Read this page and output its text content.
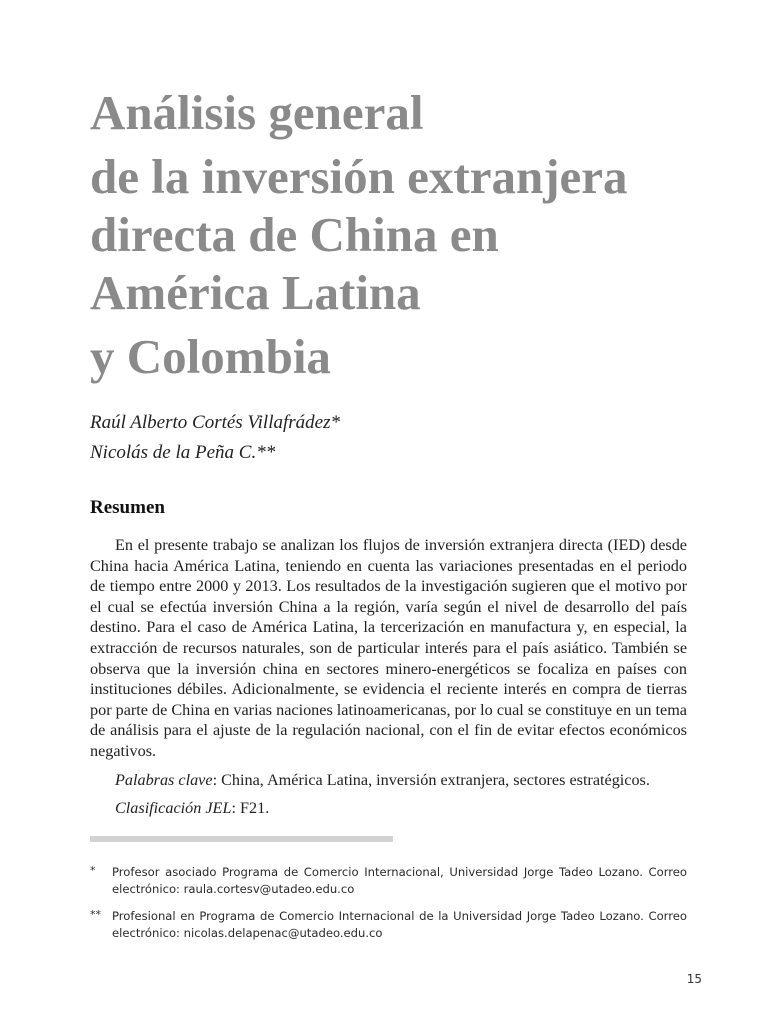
Análisis general
de la inversión extranjera
directa de China en
América Latina
y Colombia
Raúl Alberto Cortés Villafrádez*
Nicolás de la Peña C.**
Resumen

En el presente trabajo se analizan los flujos de inversión extranjera directa (IED) desde China hacia América Latina, teniendo en cuenta las variaciones presentadas en el periodo de tiempo entre 2000 y 2013. Los resultados de la investigación sugieren que el motivo por el cual se efectúa inversión China a la región, varía según el nivel de desarrollo del país destino. Para el caso de América Latina, la tercerización en manufactura y, en especial, la extracción de recursos naturales, son de particular interés para el país asiático. También se observa que la inversión china en sectores minero-energéticos se focaliza en países con instituciones débiles. Adicionalmente, se evidencia el reciente interés en compra de tierras por parte de China en varias naciones latinoamericanas, por lo cual se constituye en un tema de análisis para el ajuste de la regulación nacional, con el fin de evitar efectos económicos negativos.

Palabras clave: China, América Latina, inversión extranjera, sectores estratégicos.

Clasificación JEL: F21.

* Profesor asociado Programa de Comercio Internacional, Universidad Jorge Tadeo Lozano. Correo electrónico: raula.cortesv@utadeo.edu.co
** Profesional en Programa de Comercio Internacional de la Universidad Jorge Tadeo Lozano. Correo electrónico: nicolas.delapenac@utadeo.edu.co
15
